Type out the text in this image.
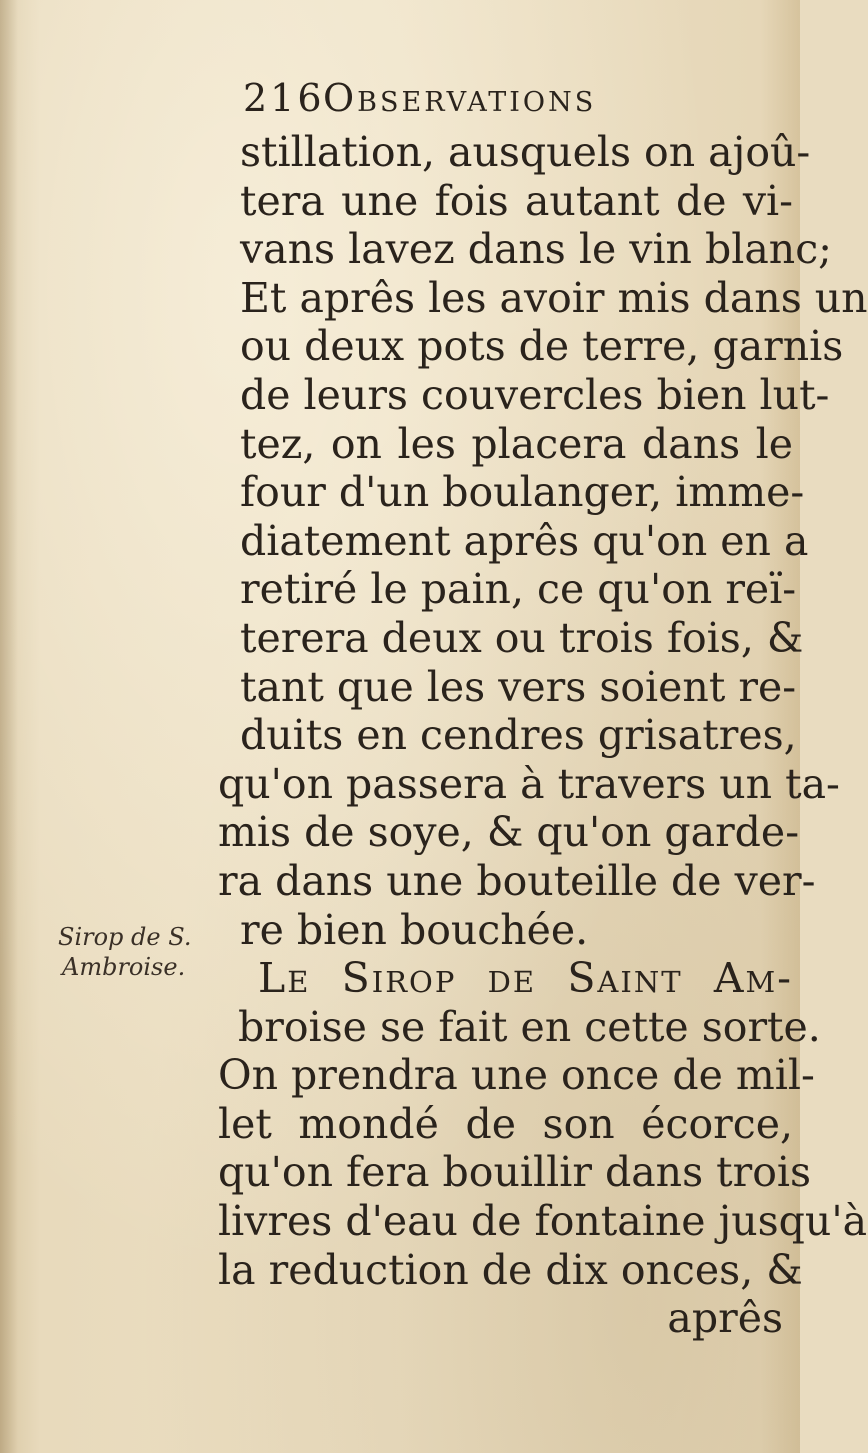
216Observations
Sirop de S.
Ambroise.
stillation, ausquels on ajoû-
tera une fois autant de vi-
vans lavez dans le vin blanc;
Et aprês les avoir mis dans un
ou deux pots de terre, garnis
de leurs couvercles bien lut-
tez, on les placera dans le
four d'un boulanger, imme-
diatement aprês qu'on en a
retiré le pain, ce qu'on reï-
terera deux ou trois fois, &
tant que les vers soient re-
duits en cendres grisatres,
qu'on passera à travers un ta-
mis de soye, & qu'on garde-
ra dans une bouteille de ver-
re bien bouchée.
Le Sirop de Saint Am-
broise se fait en cette sorte.
On prendra une once de mil-
let mondé de son écorce,
qu'on fera bouillir dans trois
livres d'eau de fontaine jusqu'à
la reduction de dix onces, &
aprês
